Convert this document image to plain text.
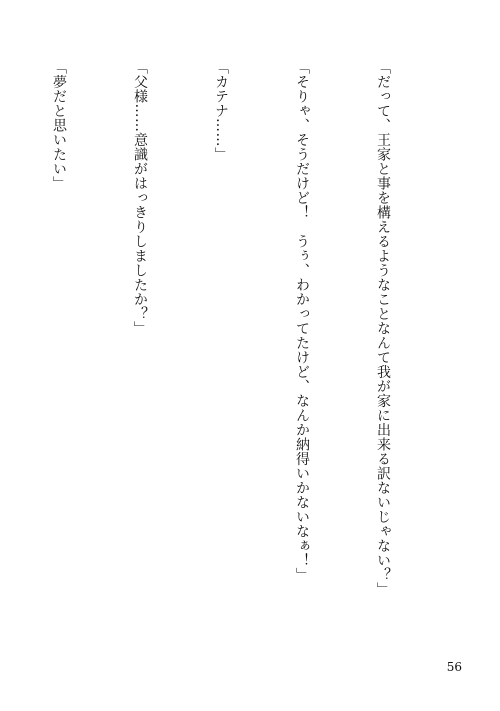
「だって、王家と事を構えるようなことなんて我が家に出来る訳ないじゃない？」

「そりゃ、そうだけど！　うぅ、わかってたけど、なんか納得いかないなぁ！」

「カテナ……」

「父様……意識がはっきりしましたか？」

「夢だと思いたい」

56
